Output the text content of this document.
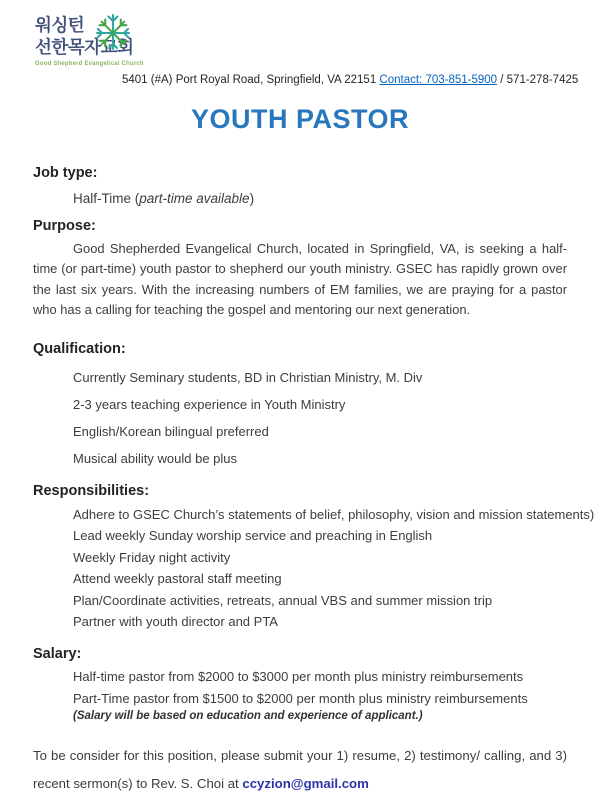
워싱턴
선한목자교회
Good Shepherd Evangelical Church
5401 (#A) Port Royal Road, Springfield, VA 22151 Contact: 703-851-5900 / 571-278-7425
YOUTH PASTOR
Job type:
Half-Time (part-time available)
Purpose:

Good Shepherded Evangelical Church, located in Springfield, VA, is seeking a half-time (or part-time) youth pastor to shepherd our youth ministry. GSEC has rapidly grown over the last six years. With the increasing numbers of EM families, we are praying for a pastor who has a calling for teaching the gospel and mentoring our next generation.

Qualification:
Currently Seminary students, BD in Christian Ministry, M. Div
2-3 years teaching experience in Youth Ministry
English/Korean bilingual preferred
Musical ability would be plus
Responsibilities:
Adhere to GSEC Church’s statements of belief, philosophy, vision and mission statements)
Lead weekly Sunday worship service and preaching in English
Weekly Friday night activity
Attend weekly pastoral staff meeting
Plan/Coordinate activities, retreats, annual VBS and summer mission trip
Partner with youth director and PTA
Salary:
Half-time pastor from $2000 to $3000 per month plus ministry reimbursements
Part-Time pastor from $1500 to $2000 per month plus ministry reimbursements
(Salary will be based on education and experience of applicant.)

To be consider for this position, please submit your 1) resume, 2) testimony/ calling, and 3) recent sermon(s) to Rev. S. Choi at ccyzion@gmail.com
